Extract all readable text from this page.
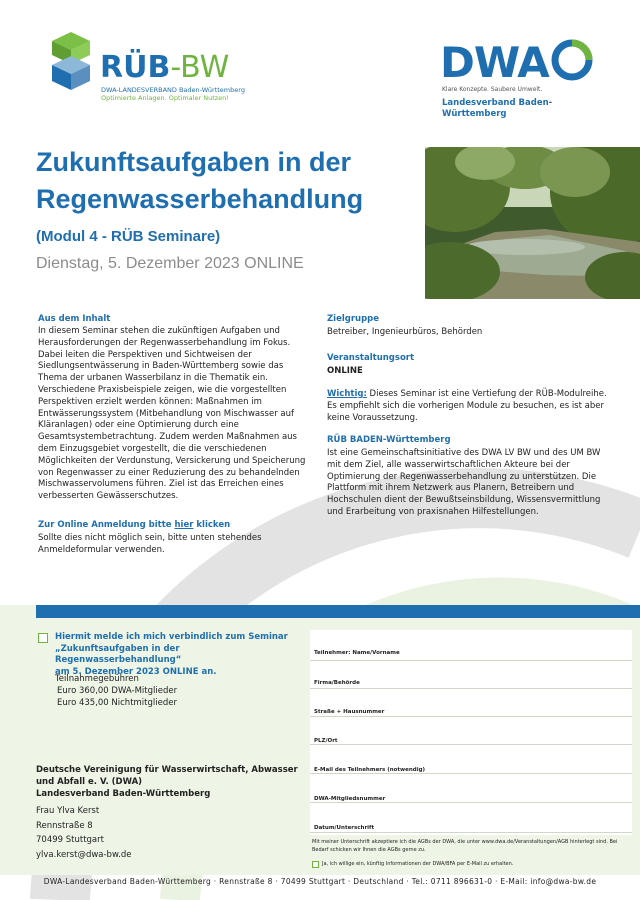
RÜB-BW
DWA-LANDESVERBAND Baden-Württemberg
Optimierte Anlagen. Optimaler Nutzen!
DWA
Klare Konzepte. Saubere Umwelt.
Landesverband Baden-Württemberg
Zukunftsaufgaben in der Regenwasserbehandlung
(Modul 4 - RÜB Seminare)
Dienstag, 5. Dezember 2023 ONLINE
Aus dem Inhalt
In diesem Seminar stehen die zukünftigen Aufgaben und Herausforderungen der Regenwasserbehandlung im Fokus. Dabei leiten die Perspektiven und Sichtweisen der Siedlungsentwässerung in Baden-Württemberg sowie das Thema der urbanen Wasserbilanz in die Thematik ein. Verschiedene Praxisbeispiele zeigen, wie die vorgestellten Perspektiven erzielt werden können: Maßnahmen im Entwässerungssystem (Mitbehandlung von Mischwasser auf Kläranlagen) oder eine Optimierung durch eine Gesamtsystembetrachtung. Zudem werden Maßnahmen aus dem Einzugsgebiet vorgestellt, die die verschiedenen Möglichkeiten der Verdunstung, Versickerung und Speicherung von Regenwasser zu einer Reduzierung des zu behandelnden Mischwasservolumens führen. Ziel ist das Erreichen eines verbesserten Gewässerschutzes.
Zur Online Anmeldung bitte hier klicken
Sollte dies nicht möglich sein, bitte unten stehendes Anmeldeformular verwenden.
Zielgruppe
Betreiber, Ingenieurbüros, Behörden
Veranstaltungsort
ONLINE
Wichtig: Dieses Seminar ist eine Vertiefung der RÜB-Modulreihe. Es empfiehlt sich die vorherigen Module zu besuchen, es ist aber keine Voraussetzung.
RÜB BADEN-Württemberg
Ist eine Gemeinschaftsinitiative des DWA LV BW und des UM BW mit dem Ziel, alle wasserwirtschaftlichen Akteure bei der Optimierung der Regenwasserbehandlung zu unterstützen. Die Plattform mit ihrem Netzwerk aus Planern, Betreibern und Hochschulen dient der Bewußtseinsbildung, Wissensvermittlung und Erarbeitung von praxisnahen Hilfestellungen.
Hiermit melde ich mich verbindlich zum Seminar
„Zukunftsaufgaben in der Regenwasserbehandlung“
am 5. Dezember 2023 ONLINE an.
Teilnahmegebühren
Euro 360,00 DWA-Mitglieder
Euro 435,00 Nichtmitglieder
Deutsche Vereinigung für Wasserwirtschaft, Abwasser
und Abfall e. V. (DWA)
Landesverband Baden-Württemberg
Frau Ylva Kerst
Rennstraße 8
70499 Stuttgart
ylva.kerst@dwa-bw.de
Teilnehmer: Name/Vorname
Firma/Behörde
Straße + Hausnummer
PLZ/Ort
E-Mail des Teilnehmers (notwendig)
DWA-Mitgliedsnummer
Datum/Unterschrift
Mit meiner Unterschrift akzeptiere ich die AGBs der DWA, die unter www.dwa.de/Veranstaltungen/AGB hinterlegt sind. Bei Bedarf schicken wir Ihnen die AGBs gerne zu.
Ja, ich willige ein, künftig Informationen der DWA/BFA per E-Mail zu erhalten.
DWA-Landesverband Baden-Württemberg · Rennstraße 8 · 70499 Stuttgart · Deutschland · Tel.: 0711 896631-0 · E-Mail: info@dwa-bw.de
